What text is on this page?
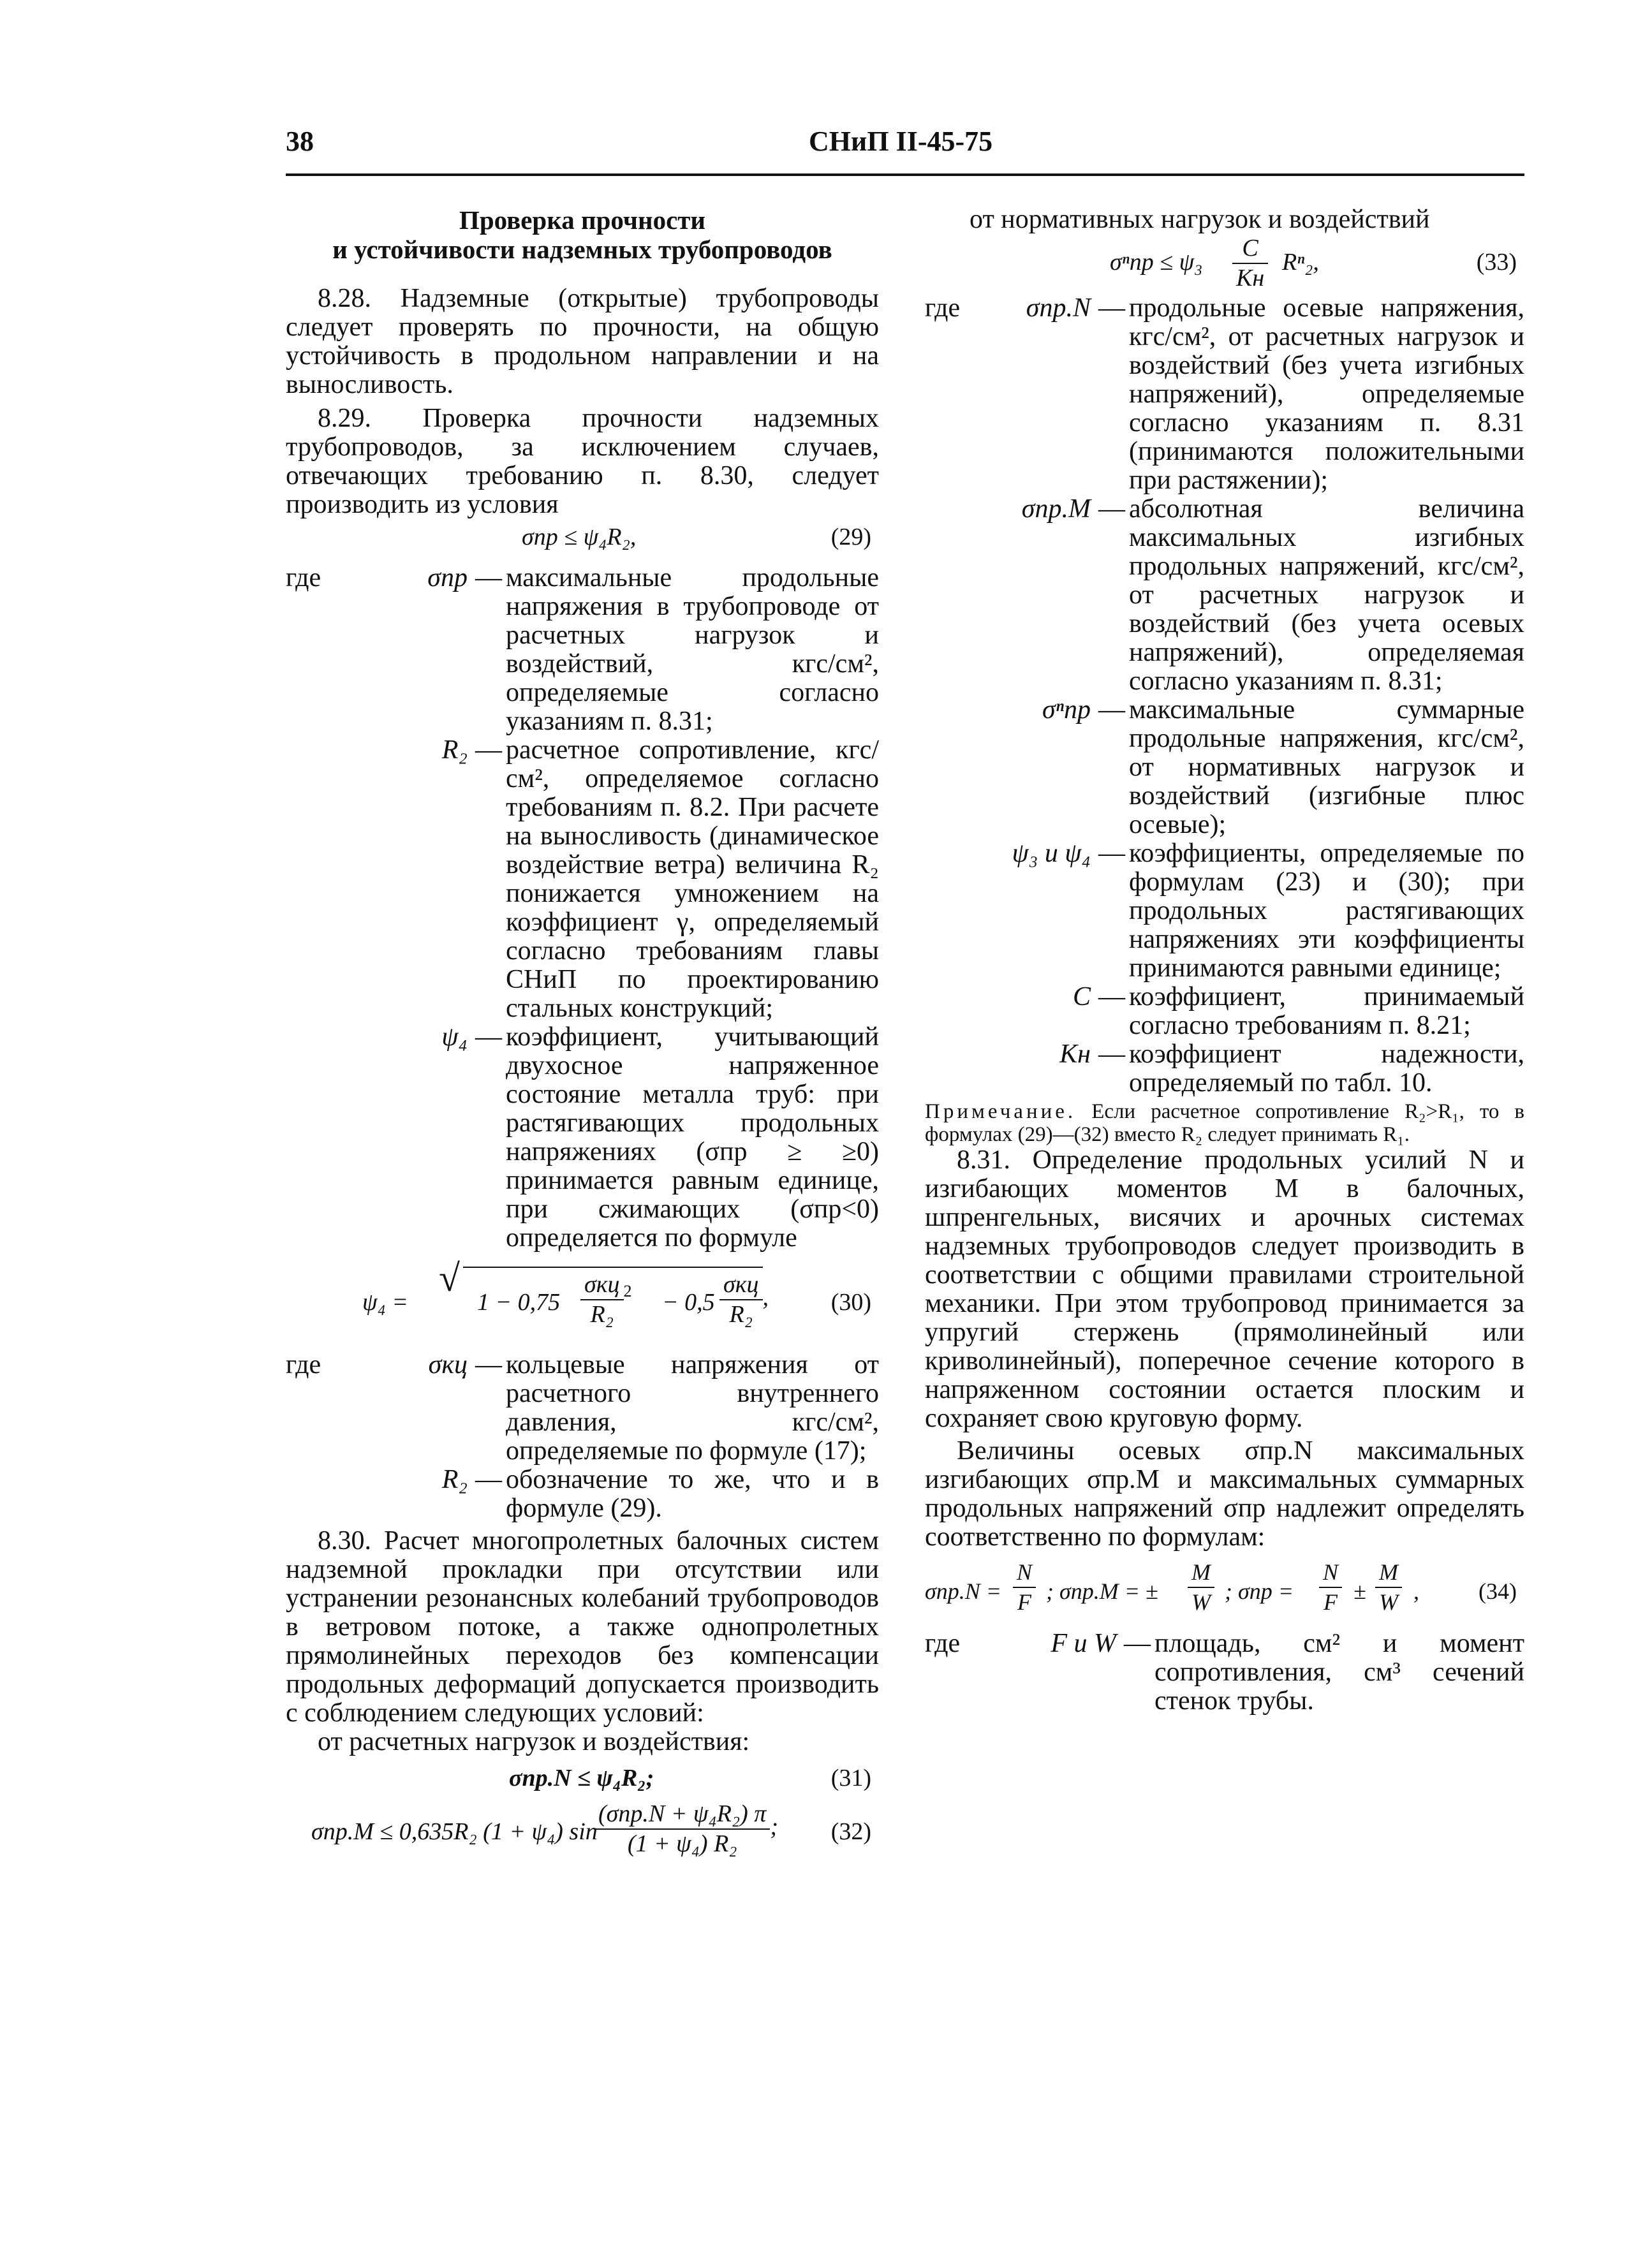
38	СНиП II-45-75
Проверка прочности
и устойчивости надземных трубопроводов

8.28. Надземные (открытые) трубопроводы следует проверять по прочности, на общую устойчивость в продольном направлении и на выносливость.

8.29. Проверка прочности надземных трубопроводов, за исключением случаев, отвечающих требованию п. 8.30, следует производить из условия

σпр ≤ ψ₄R₂,	(29)
где	σпр — максимальные продольные напряжения в трубопроводе от расчетных нагрузок и воздействий, кгс/см², определяемые согласно указаниям п. 8.31;
R₂ — расчетное сопротивление, кгс/см², определяемое согласно требованиям п. 8.2. При расчете на выносливость (динамическое воздействие ветра) величина R₂ понижается умножением на коэффициент γ, определяемый согласно требованиям главы СНиП по проектированию стальных конструкций;
ψ₄ — коэффициент, учитывающий двухосное напряженное состояние металла труб: при растягивающих продольных напряжениях (σпр ≥ ≥0) принимается равным единице, при сжимающих (σпр<0) определяется по формуле
ψ₄ =
√
$1 - 0,75 \frac{\text{σкц}}{\text{R₂}} ^2 - 0,5 \frac{\text{σкц}}{\text{R₂}}$ ,	(30)
где	σкц — кольцевые напряжения от расчетного внутреннего давления, кгс/см², определяемые по формуле (17);
R₂ — обозначение то же, что и в формуле (29).

8.30. Расчет многопролетных балочных систем надземной прокладки при отсутствии или устранении резонансных колебаний трубопроводов в ветровом потоке, а также однопролетных прямолинейных переходов без компенсации продольных деформаций допускается производить с соблюдением следующих условий:

от расчетных нагрузок и воздействия:

σпр.N ≤ ψ₄R₂;	(31)
σпр.M ≤ 0,635R₂ (1 + ψ₄) sin
$\frac{\text{(σпр.N + ψ₄R₂) π}}{\text{(1 + ψ₄) R₂}}$ ; (32)

от нормативных нагрузок и воздействий

$\sigma^nпр \le \psi_3 \frac{C}{Kн} R^n_2$,	(33)
где	σпр.N — продольные осевые напряжения, кгс/см², от расчетных нагрузок и воздействий (без учета изгибных напряжений), определяемые согласно указаниям п. 8.31 (принимаются положительными при растяжении);
σпр.M — абсолютная величина максимальных изгибных продольных напряжений, кгс/см², от расчетных нагрузок и воздействий (без учета осевых напряжений), определяемая согласно указаниям п. 8.31;
σⁿпр — максимальные суммарные продольные напряжения, кгс/см², от нормативных нагрузок и воздействий (изгибные плюс осевые);
ψ₃ и ψ₄ — коэффициенты, определяемые по формулам (23) и (30); при продольных растягивающих напряжениях эти коэффициенты принимаются равными единице;
C — коэффициент, принимаемый согласно требованиям п. 8.21;
Kн — коэффициент надежности, определяемый по табл. 10.

Примечание. Если расчетное сопротивление R₂>R₁, то в формулах (29)—(32) вместо R₂ следует принимать R₁.

8.31. Определение продольных усилий N и изгибающих моментов M в балочных, шпренгельных, висячих и арочных системах надземных трубопроводов следует производить в соответствии с общими правилами строительной механики. При этом трубопровод принимается за упругий стержень (прямолинейный или криволинейный), поперечное сечение которого в напряженном состоянии остается плоским и сохраняет свою круговую форму.

Величины осевых σпр.N максимальных изгибающих σпр.M и максимальных суммарных продольных напряжений σпр надлежит определять соответственно по формулам:

$\sigma пр.N = \frac{N}{F}$ ; σпр.M = ± $\frac{M}{W}$ ; $\sigma пр = \frac{N}{F} \pm \frac{M}{W}$ ,	(34)
где	F и W — площадь, см² и момент сопротивления, см³ сечений стенок трубы.
